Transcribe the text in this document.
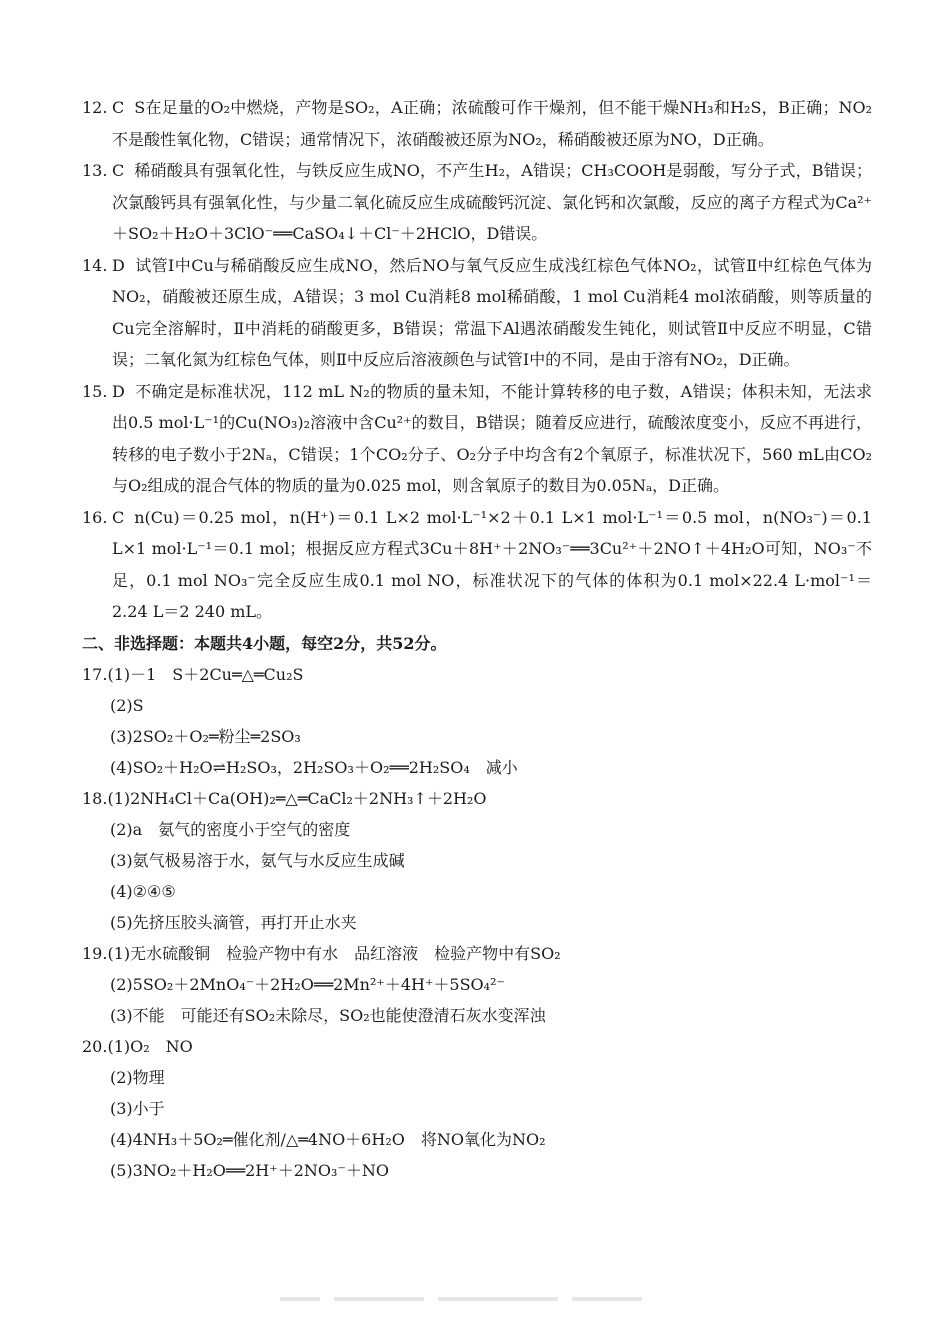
12. C S在足量的O₂中燃烧，产物是SO₂，A正确；浓硫酸可作干燥剂，但不能干燥NH₃和H₂S，B正确；NO₂不是酸性氧化物，C错误；通常情况下，浓硝酸被还原为NO₂，稀硝酸被还原为NO，D正确。
13. C 稀硝酸具有强氧化性，与铁反应生成NO，不产生H₂，A错误；CH₃COOH是弱酸，写分子式，B错误；次氯酸钙具有强氧化性，与少量二氧化硫反应生成硫酸钙沉淀、氯化钙和次氯酸，反应的离子方程式为Ca²⁺＋SO₂＋H₂O＋3ClO⁻══CaSO₄↓＋Cl⁻＋2HClO，D错误。
14. D 试管Ⅰ中Cu与稀硝酸反应生成NO，然后NO与氧气反应生成浅红棕色气体NO₂，试管Ⅱ中红棕色气体为NO₂，硝酸被还原生成，A错误；3 mol Cu消耗8 mol稀硝酸，1 mol Cu消耗4 mol浓硝酸，则等质量的Cu完全溶解时，Ⅱ中消耗的硝酸更多，B错误；常温下Al遇浓硝酸发生钝化，则试管Ⅱ中反应不明显，C错误；二氧化氮为红棕色气体，则Ⅱ中反应后溶液颜色与试管Ⅰ中的不同，是由于溶有NO₂，D正确。
15. D 不确定是标准状况，112 mL N₂的物质的量未知，不能计算转移的电子数，A错误；体积未知，无法求出0.5 mol·L⁻¹的Cu(NO₃)₂溶液中含Cu²⁺的数目，B错误；随着反应进行，硫酸浓度变小，反应不再进行，转移的电子数小于2Nₐ，C错误；1个CO₂分子、O₂分子中均含有2个氧原子，标准状况下，560 mL由CO₂与O₂组成的混合气体的物质的量为0.025 mol，则含氧原子的数目为0.05Nₐ，D正确。
16. C n(Cu)＝0.25 mol，n(H⁺)＝0.1 L×2 mol·L⁻¹×2＋0.1 L×1 mol·L⁻¹＝0.5 mol，n(NO₃⁻)＝0.1 L×1 mol·L⁻¹＝0.1 mol；根据反应方程式3Cu＋8H⁺＋2NO₃⁻══3Cu²⁺＋2NO↑＋4H₂O可知，NO₃⁻不足，0.1 mol NO₃⁻完全反应生成0.1 mol NO，标准状况下的气体的体积为0.1 mol×22.4 L·mol⁻¹＝2.24 L＝2 240 mL。
二、非选择题：本题共4小题，每空2分，共52分。
17.(1)－1　S＋2Cu═△═Cu₂S
(2)S
(3)2SO₂＋O₂═粉尘═2SO₃
(4)SO₂＋H₂O⇌H₂SO₃，2H₂SO₃＋O₂══2H₂SO₄　减小
18.(1)2NH₄Cl＋Ca(OH)₂═△═CaCl₂＋2NH₃↑＋2H₂O
(2)a　氨气的密度小于空气的密度
(3)氨气极易溶于水，氨气与水反应生成碱
(4)②④⑤
(5)先挤压胶头滴管，再打开止水夹
19.(1)无水硫酸铜　检验产物中有水　品红溶液　检验产物中有SO₂
(2)5SO₂＋2MnO₄⁻＋2H₂O══2Mn²⁺＋4H⁺＋5SO₄²⁻
(3)不能　可能还有SO₂未除尽，SO₂也能使澄清石灰水变浑浊
20.(1)O₂　NO
(2)物理
(3)小于
(4)4NH₃＋5O₂═催化剂/△═4NO＋6H₂O　将NO氧化为NO₂
(5)3NO₂＋H₂O══2H⁺＋2NO₃⁻＋NO
